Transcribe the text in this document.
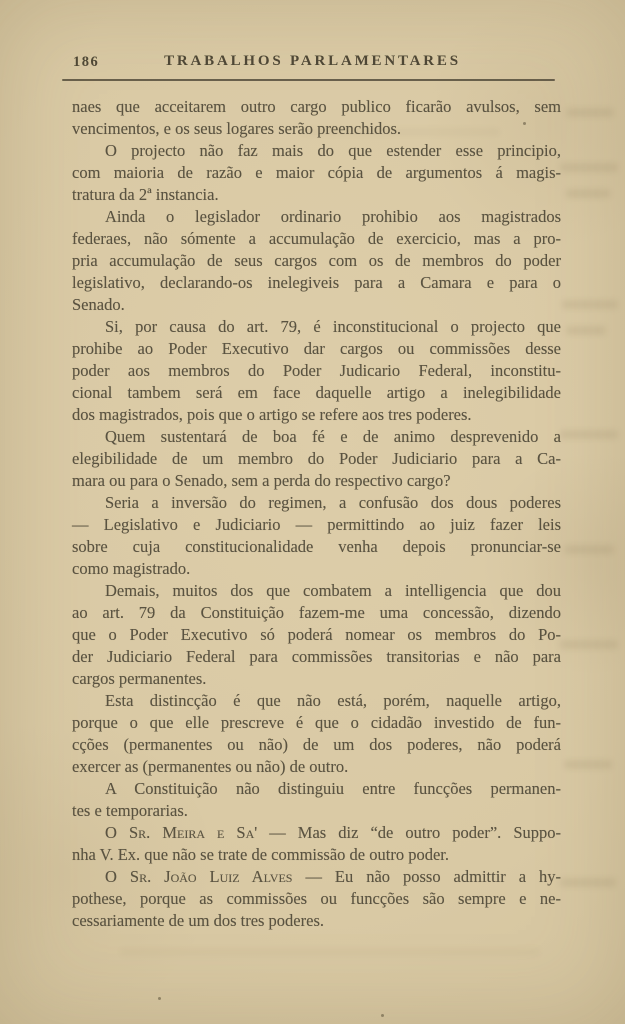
186	TRABALHOS PARLAMENTARES

naes que acceitarem outro cargo publico ficarão avulsos, sem
vencimentos, e os seus logares serão preenchidos.

O projecto não faz mais do que estender esse principio,
com maioria de razão e maior cópia de argumentos á magis-
tratura da 2ª instancia.

Ainda o legislador ordinario prohibio aos magistrados
federaes, não sómente a accumulação de exercicio, mas a pro-
pria accumulação de seus cargos com os de membros do poder
legislativo, declarando-os inelegiveis para a Camara e para o
Senado.

Si, por causa do art. 79, é inconstitucional o projecto que
prohibe ao Poder Executivo dar cargos ou commissões desse
poder aos membros do Poder Judicario Federal, inconstitu-
cional tambem será em face daquelle artigo a inelegibilidade
dos magistrados, pois que o artigo se refere aos tres poderes.

Quem sustentará de boa fé e de animo desprevenido a
elegibilidade de um membro do Poder Judiciario para a Ca-
mara ou para o Senado, sem a perda do respectivo cargo?

Seria a inversão do regimen, a confusão dos dous poderes
— Legislativo e Judiciario — permittindo ao juiz fazer leis
sobre cuja constitucionalidade venha depois pronunciar-se
como magistrado.

Demais, muitos dos que combatem a intelligencia que dou
ao art. 79 da Constituição fazem-me uma concessão, dizendo
que o Poder Executivo só poderá nomear os membros do Po-
der Judiciario Federal para commissões transitorias e não para
cargos permanentes.

Esta distincção é que não está, porém, naquelle artigo,
porque o que elle prescreve é que o cidadão investido de fun-
cções (permanentes ou não) de um dos poderes, não poderá
exercer as (permanentes ou não) de outro.

A Constituição não distinguiu entre funcções permanen-
tes e temporarias.

O Sr. Meira e Sa' — Mas diz “de outro poder”. Suppo-
nha V. Ex. que não se trate de commissão de outro poder.

O Sr. João Luiz Alves — Eu não posso admittir a hy-
pothese, porque as commissões ou funcções são sempre e ne-
cessariamente de um dos tres poderes.
